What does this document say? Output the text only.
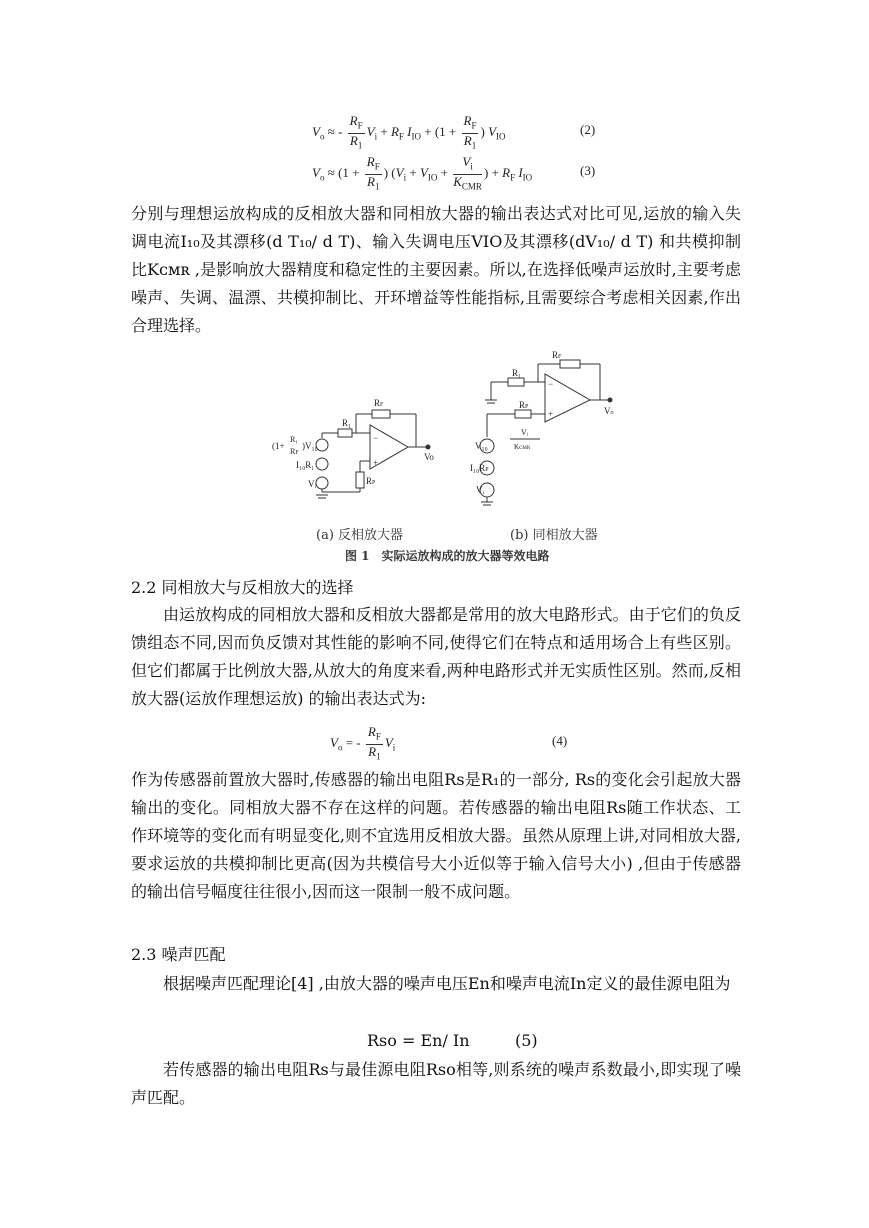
$V_o$ ≈ - $\frac{R_F}{R_1} V_i + R_F$ $I_{IO} + (1 + \frac{R_F}{R_1}$ ) $V_{IO}$	(2)
$V_o \approx (1 + \frac{R_F}{R_1}$ ) ($V_i + V_{IO} + \frac{V_i}{K_{CMR}}$ ) + $R_F$ $I_{IO}$	(3)

分别与理想运放构成的反相放大器和同相放大器的输出表达式对比可见,运放的输入失调电流I₁₀及其漂移(d T₁₀/ d T)、输入失调电压VIO及其漂移(dV₁₀/ d T) 和共模抑制比Kᴄᴍʀ ,是影响放大器精度和稳定性的主要因素。所以,在选择低噪声运放时,主要考虑噪声、失调、温漂、共模抑制比、开环增益等性能指标,且需要综合考虑相关因素,作出合理选择。

R₁
RF
−
+
Vo
RP
(1+
R₁
RF
)V₁₀
I₁₀R₁
Vᵢ
RF
R₁
−
+	Vo
RP
Vᵢ
KCMR
V₁₀
I₁₀RP
Vᵢ
(a) 反相放大器	(b) 同相放大器
图 1　实际运放构成的放大器等效电路

2.2 同相放大与反相放大的选择

由运放构成的同相放大器和反相放大器都是常用的放大电路形式。由于它们的负反馈组态不同,因而负反馈对其性能的影响不同,使得它们在特点和适用场合上有些区别。但它们都属于比例放大器,从放大的角度来看,两种电路形式并无实质性区别。然而,反相放大器(运放作理想运放) 的输出表达式为:

$V_o$ = - $\frac{R_F}{R_1} V_i$	(4)

作为传感器前置放大器时,传感器的输出电阻Rs是R₁的一部分, Rs的变化会引起放大器输出的变化。同相放大器不存在这样的问题。若传感器的输出电阻Rs随工作状态、工作环境等的变化而有明显变化,则不宜选用反相放大器。虽然从原理上讲,对同相放大器,要求运放的共模抑制比更高(因为共模信号大小近似等于输入信号大小) ,但由于传感器的输出信号幅度往往很小,因而这一限制一般不成问题。

2.3 噪声匹配

根据噪声匹配理论[4] ,由放大器的噪声电压En和噪声电流In定义的最佳源电阻为

Rso = En/ In	(5)

若传感器的输出电阻Rs与最佳源电阻Rso相等,则系统的噪声系数最小,即实现了噪声匹配。
